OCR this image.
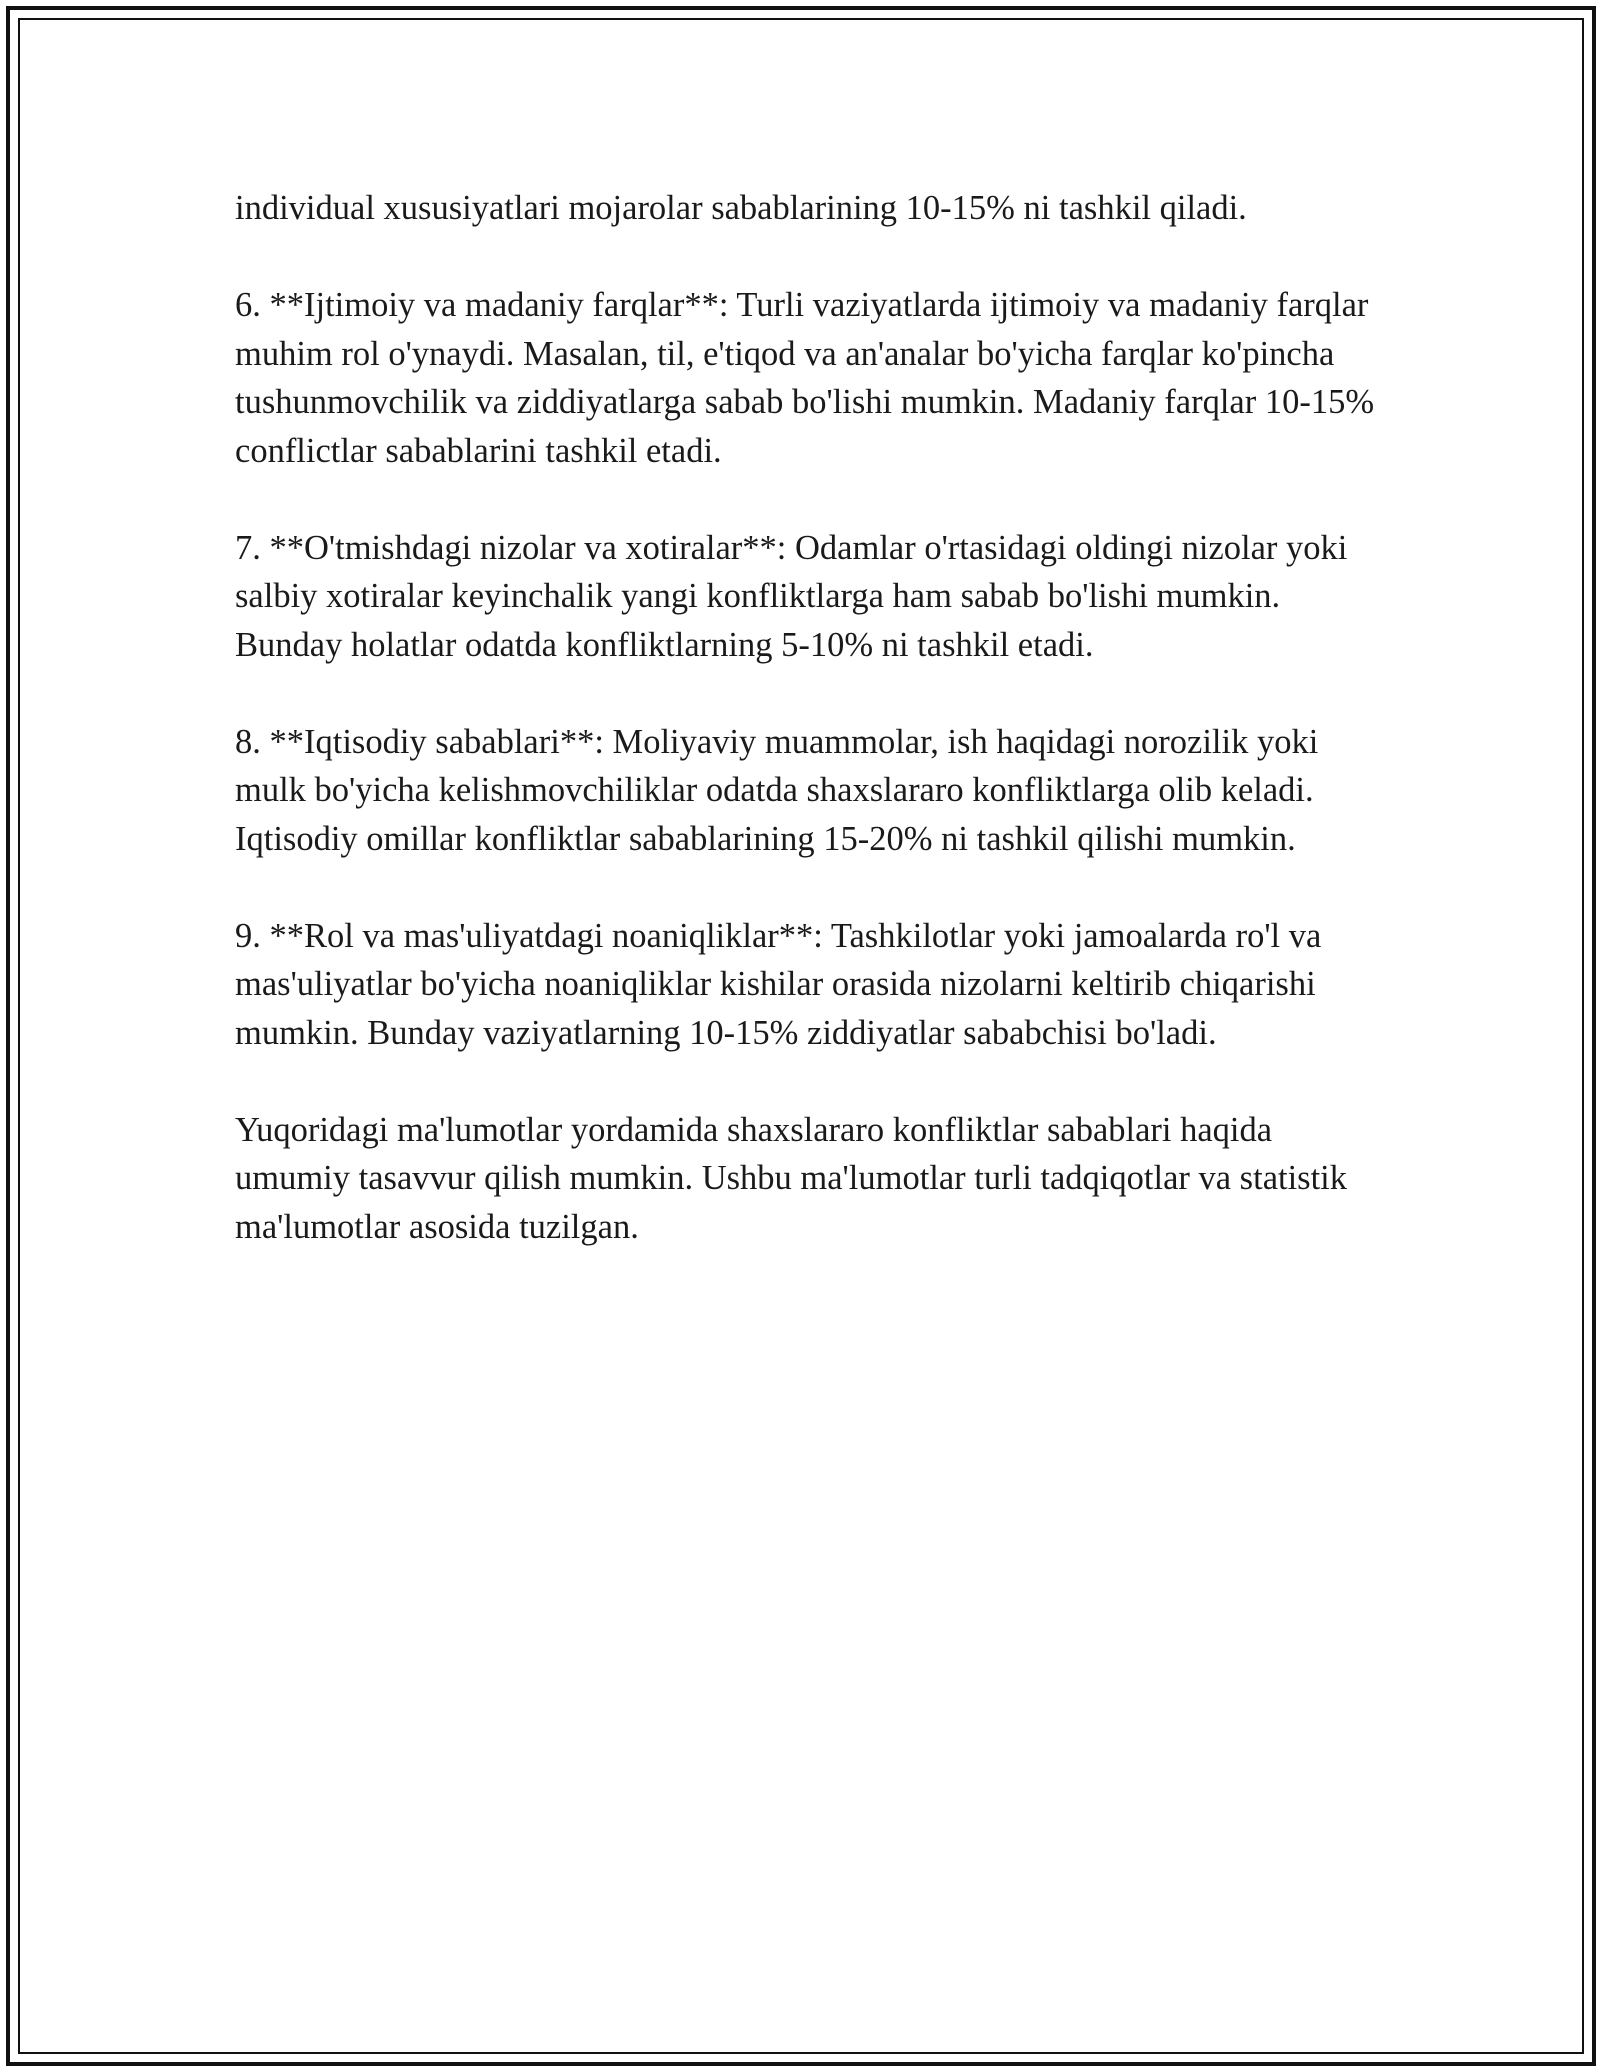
individual xususiyatlari mojarolar sabablarining 10-15% ni tashkil qiladi.

6. **Ijtimoiy va madaniy farqlar**: Turli vaziyatlarda ijtimoiy va madaniy farqlar muhim rol o'ynaydi. Masalan, til, e'tiqod va an'analar bo'yicha farqlar ko'pincha tushunmovchilik va ziddiyatlarga sabab bo'lishi mumkin. Madaniy farqlar 10-15% conflictlar sabablarini tashkil etadi.

7. **O'tmishdagi nizolar va xotiralar**: Odamlar o'rtasidagi oldingi nizolar yoki salbiy xotiralar keyinchalik yangi konfliktlarga ham sabab bo'lishi mumkin. Bunday holatlar odatda konfliktlarning 5-10% ni tashkil etadi.

8. **Iqtisodiy sabablari**: Moliyaviy muammolar, ish haqidagi norozilik yoki mulk bo'yicha kelishmovchiliklar odatda shaxslararo konfliktlarga olib keladi. Iqtisodiy omillar konfliktlar sabablarining 15-20% ni tashkil qilishi mumkin.

9. **Rol va mas'uliyatdagi noaniqliklar**: Tashkilotlar yoki jamoalarda ro'l va mas'uliyatlar bo'yicha noaniqliklar kishilar orasida nizolarni keltirib chiqarishi mumkin. Bunday vaziyatlarning 10-15% ziddiyatlar sababchisi bo'ladi.

Yuqoridagi ma'lumotlar yordamida shaxslararo konfliktlar sabablari haqida umumiy tasavvur qilish mumkin. Ushbu ma'lumotlar turli tadqiqotlar va statistik ma'lumotlar asosida tuzilgan.
